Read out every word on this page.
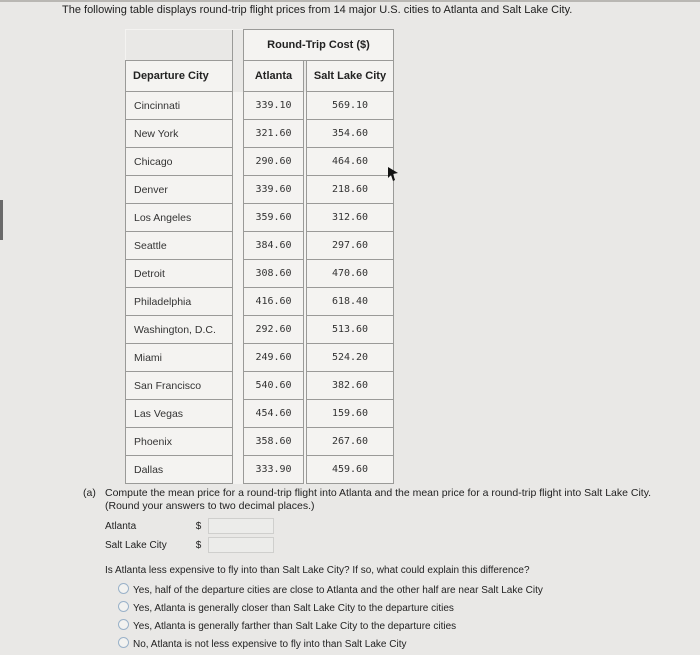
The following table displays round-trip flight prices from 14 major U.S. cities to Atlanta and Salt Lake City.
		Round-Trip Cost ($)		
Departure City		Atlanta		Salt Lake City
Cincinnati		339.10		569.10
New York		321.60		354.60
Chicago		290.60		464.60
Denver		339.60		218.60
Los Angeles		359.60		312.60
Seattle		384.60		297.60
Detroit		308.60		470.60
Philadelphia		416.60		618.40
Washington, D.C.		292.60		513.60
Miami		249.60		524.20
San Francisco		540.60		382.60
Las Vegas		454.60		159.60
Phoenix		358.60		267.60
Dallas		333.90		459.60
(a) Compute the mean price for a round-trip flight into Atlanta and the mean price for a round-trip flight into Salt Lake City.
(Round your answers to two decimal places.)
Atlanta	$
Salt Lake City	$
Is Atlanta less expensive to fly into than Salt Lake City? If so, what could explain this difference?
Yes, half of the departure cities are close to Atlanta and the other half are near Salt Lake City
Yes, Atlanta is generally closer than Salt Lake City to the departure cities
Yes, Atlanta is generally farther than Salt Lake City to the departure cities
No, Atlanta is not less expensive to fly into than Salt Lake City
